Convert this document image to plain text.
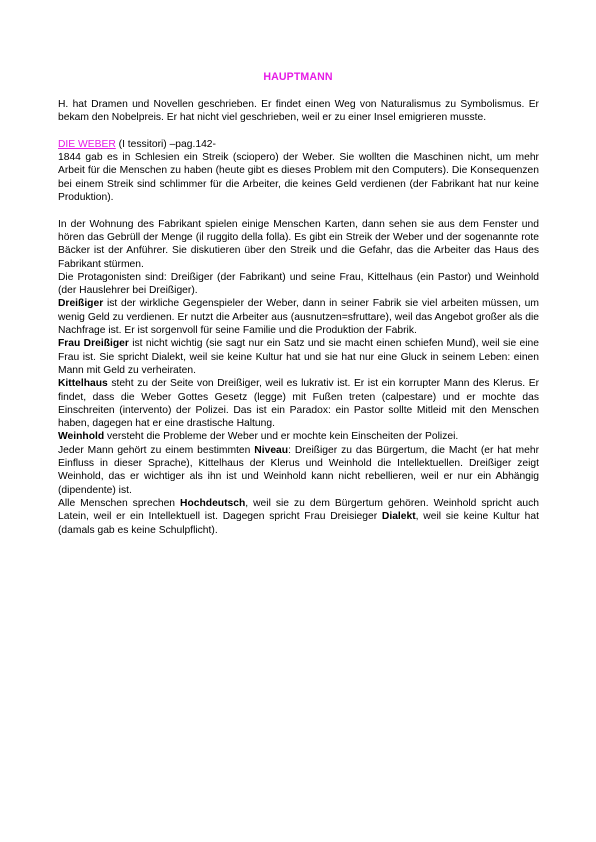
HAUPTMANN

H. hat Dramen und Novellen geschrieben. Er findet einen Weg von Naturalismus zu Symbolismus. Er bekam den Nobelpreis. Er hat nicht viel geschrieben, weil er zu einer Insel emigrieren musste.

DIE WEBER (I tessitori) –pag.142-

1844 gab es in Schlesien ein Streik (sciopero) der Weber. Sie wollten die Maschinen nicht, um mehr Arbeit für die Menschen zu haben (heute gibt es dieses Problem mit den Computers). Die Konsequenzen bei einem Streik sind schlimmer für die Arbeiter, die keines Geld verdienen (der Fabrikant hat nur keine Produktion).

In der Wohnung des Fabrikant spielen einige Menschen Karten, dann sehen sie aus dem Fenster und hören das Gebrüll der Menge (il ruggito della folla). Es gibt ein Streik der Weber und der sogenannte rote Bäcker ist der Anführer. Sie diskutieren über den Streik und die Gefahr, das die Arbeiter das Haus des Fabrikant stürmen.

Die Protagonisten sind: Dreißiger (der Fabrikant) und seine Frau, Kittelhaus (ein Pastor) und Weinhold (der Hauslehrer bei Dreißiger).

Dreißiger ist der wirkliche Gegenspieler der Weber, dann in seiner Fabrik sie viel arbeiten müssen, um wenig Geld zu verdienen. Er nutzt die Arbeiter aus (ausnutzen=sfruttare), weil das Angebot großer als die Nachfrage ist. Er ist sorgenvoll für seine Familie und die Produktion der Fabrik.

Frau Dreißiger ist nicht wichtig (sie sagt nur ein Satz und sie macht einen schiefen Mund), weil sie eine Frau ist. Sie spricht Dialekt, weil sie keine Kultur hat und sie hat nur eine Gluck in seinem Leben: einen Mann mit Geld zu verheiraten.

Kittelhaus steht zu der Seite von Dreißiger, weil es lukrativ ist. Er ist ein korrupter Mann des Klerus. Er findet, dass die Weber Gottes Gesetz (legge) mit Fußen treten (calpestare) und er mochte das Einschreiten (intervento) der Polizei. Das ist ein Paradox: ein Pastor sollte Mitleid mit den Menschen haben, dagegen hat er eine drastische Haltung.

Weinhold versteht die Probleme der Weber und er mochte kein Einscheiten der Polizei.

Jeder Mann gehört zu einem bestimmten Niveau: Dreißiger zu das Bürgertum, die Macht (er hat mehr Einfluss in dieser Sprache), Kittelhaus der Klerus und Weinhold die Intellektuellen. Dreißiger zeigt Weinhold, das er wichtiger als ihn ist und Weinhold kann nicht rebellieren, weil er nur ein Abhängig (dipendente) ist.

Alle Menschen sprechen Hochdeutsch, weil sie zu dem Bürgertum gehören. Weinhold spricht auch Latein, weil er ein Intellektuell ist. Dagegen spricht Frau Dreisieger Dialekt, weil sie keine Kultur hat (damals gab es keine Schulpflicht).
